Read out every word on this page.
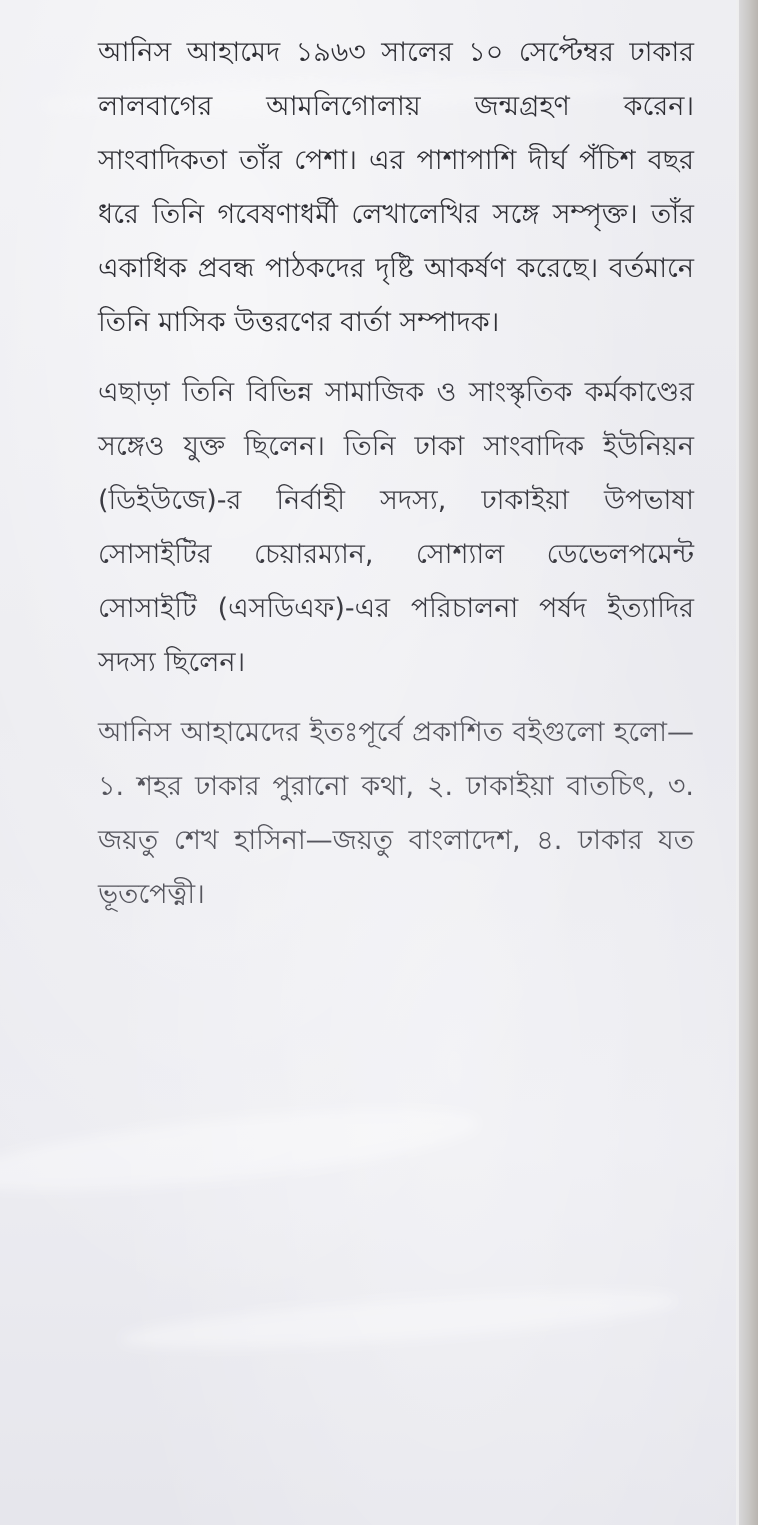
আনিস আহামেদ ১৯৬৩ সালের ১০ সেপ্টেম্বর ঢাকার লালবাগের আমলিগোলায় জন্মগ্রহণ করেন। সাংবাদিকতা তাঁর পেশা। এর পাশাপাশি দীর্ঘ পঁচিশ বছর ধরে তিনি গবেষণাধর্মী লেখালেখির সঙ্গে সম্পৃক্ত। তাঁর একাধিক প্রবন্ধ পাঠকদের দৃষ্টি আকর্ষণ করেছে। বর্তমানে তিনি মাসিক উত্তরণের বার্তা সম্পাদক।

এছাড়া তিনি বিভিন্ন সামাজিক ও সাংস্কৃতিক কর্মকাণ্ডের সঙ্গেও যুক্ত ছিলেন। তিনি ঢাকা সাংবাদিক ইউনিয়ন (ডিইউজে)-র নির্বাহী সদস্য, ঢাকাইয়া উপভাষা সোসাইটির চেয়ারম্যান, সোশ্যাল ডেভেলপমেন্ট সোসাইটি (এসডিএফ)-এর পরিচালনা পর্ষদ ইত্যাদির সদস্য ছিলেন।

আনিস আহামেদের ইতঃপূর্বে প্রকাশিত বইগুলো হলো—১. শহর ঢাকার পুরানো কথা, ২. ঢাকাইয়া বাতচিৎ, ৩. জয়তু শেখ হাসিনা—জয়তু বাংলাদেশ, ৪. ঢাকার যত ভূতপেত্নী।
